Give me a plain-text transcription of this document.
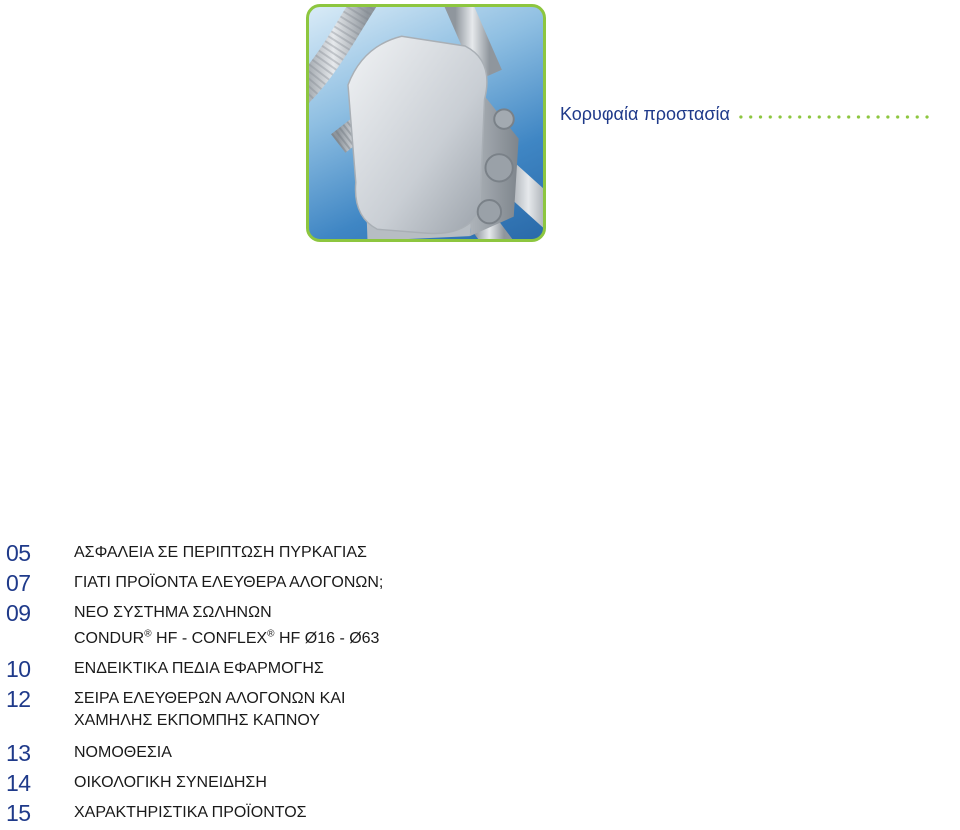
Κορυφαία προστασία
05	ΑΣΦΑΛΕΙΑ ΣΕ ΠΕΡΙΠΤΩΣΗ ΠΥΡΚΑΓΙΑΣ
07	ΓΙΑΤΙ ΠΡΟΪΟΝΤΑ ΕΛΕΥΘΕΡΑ ΑΛΟΓΟΝΩΝ;
09	ΝΕΟ ΣΥΣΤΗΜΑ ΣΩΛΗΝΩΝ
CONDUR® HF - CONFLEX® HF Ø16 - Ø63
10	ΕΝΔΕΙΚΤΙΚΑ ΠΕΔΙΑ ΕΦΑΡΜΟΓΗΣ
12	ΣΕΙΡΑ ΕΛΕΥΘΕΡΩΝ ΑΛΟΓΟΝΩΝ ΚΑΙ
ΧΑΜΗΛΗΣ ΕΚΠΟΜΠΗΣ ΚΑΠΝΟΥ
13	ΝΟΜΟΘΕΣΙΑ
14	ΟΙΚΟΛΟΓΙΚΗ ΣΥΝΕΙΔΗΣΗ
15	ΧΑΡΑΚΤΗΡΙΣΤΙΚΑ ΠΡΟΪΟΝΤΟΣ
